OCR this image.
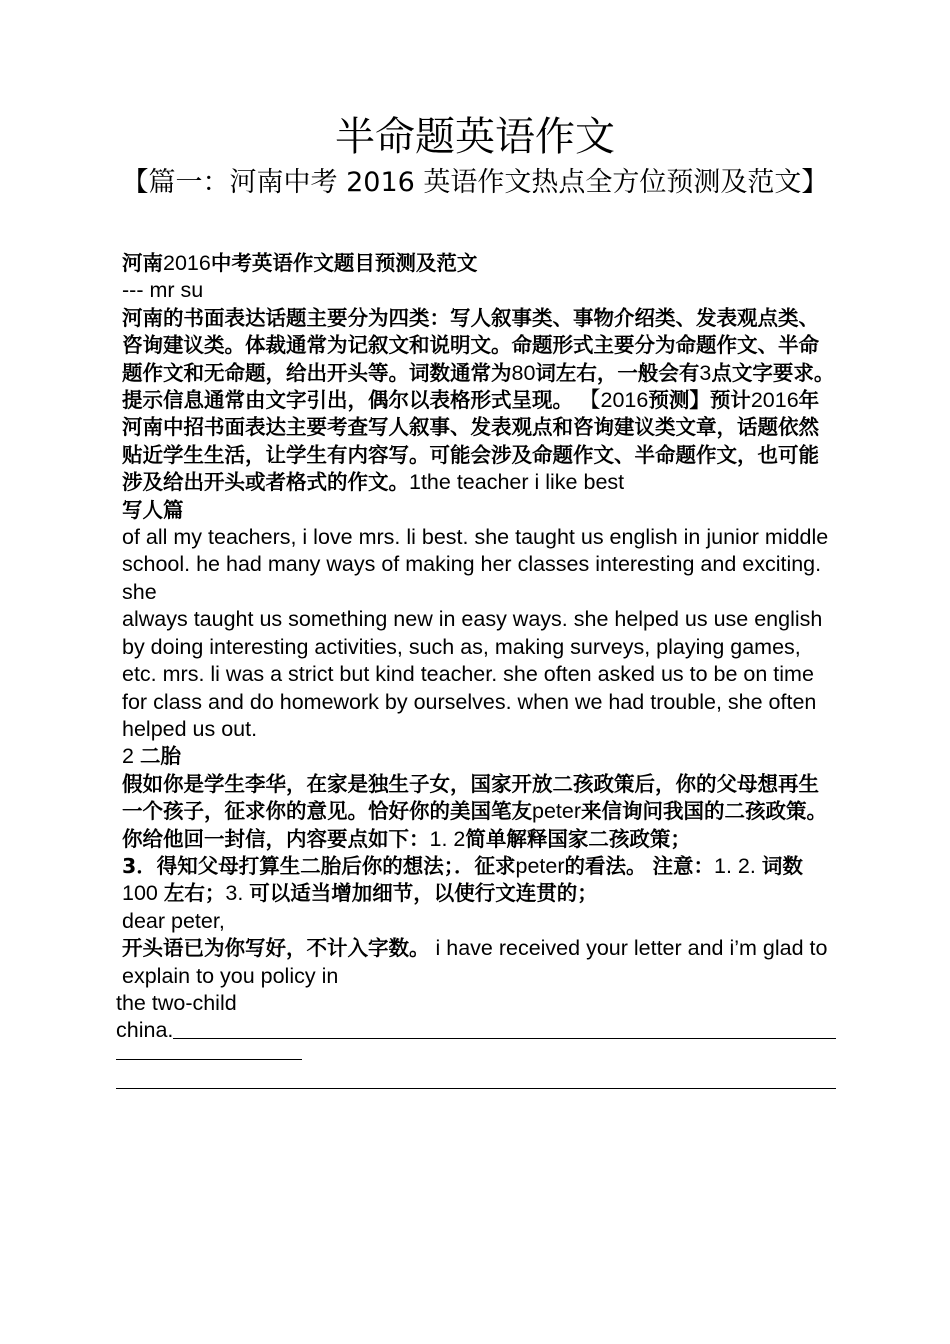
半命题英语作文
【篇一：河南中考 2016 英语作文热点全方位预测及范文】

河南2016中考英语作文题目预测及范文

--- mr su

河南的书面表达话题主要分为四类：写人叙事类、事物介绍类、发表观点类、咨询建议类。体裁通常为记叙文和说明文。命题形式主要分为命题作文、半命题作文和无命题，给出开头等。词数通常为80词左右，一般会有3点文字要求。提示信息通常由文字引出，偶尔以表格形式呈现。 【2016预测】预计2016年河南中招书面表达主要考查写人叙事、发表观点和咨询建议类文章，话题依然贴近学生生活，让学生有内容写。可能会涉及命题作文、半命题作文，也可能涉及给出开头或者格式的作文。1the teacher i like best

写人篇

of all my teachers, i love mrs. li best. she taught us english in junior middle school. he had many ways of making her classes interesting and exciting. she

always taught us something new in easy ways. she helped us use english by doing interesting activities, such as, making surveys, playing games, etc. mrs. li was a strict but kind teacher. she often asked us to be on time

for class and do homework by ourselves. when we had trouble, she often helped us out.

2 二胎

假如你是学生李华，在家是独生子女，国家开放二孩政策后，你的父母想再生一个孩子，征求你的意见。恰好你的美国笔友peter来信询问我国的二孩政策。你给他回一封信，内容要点如下：1. 2简单解释国家二孩政策；

3．得知父母打算生二胎后你的想法；．征求peter的看法。 注意：1. 2. 词数

100 左右；3. 可以适当增加细节，以使行文连贯的；

dear peter,

开头语已为你写好，不计入字数。 i have received your letter and i’m glad to explain to you policy in

the two-child

china.
